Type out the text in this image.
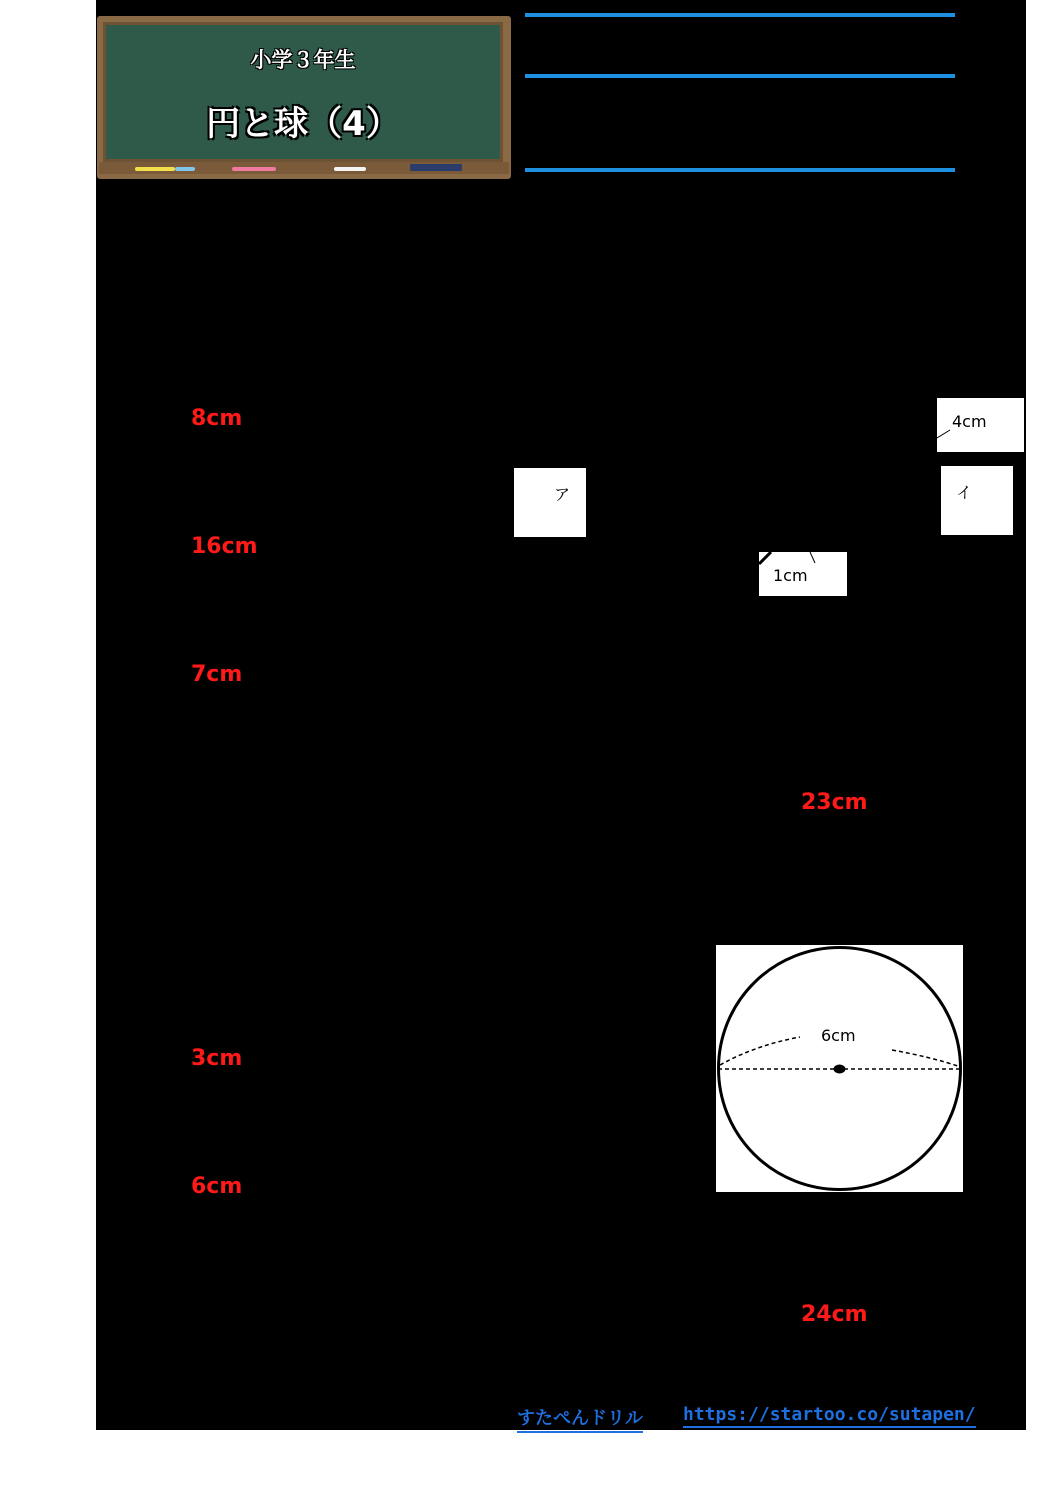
小学３年生
円と球（4）
8cm
16cm
7cm
23cm
3cm
6cm
24cm
4cm
ア	イ
1cm
6cm
すたぺんドリル https://startoo.co/sutapen/
